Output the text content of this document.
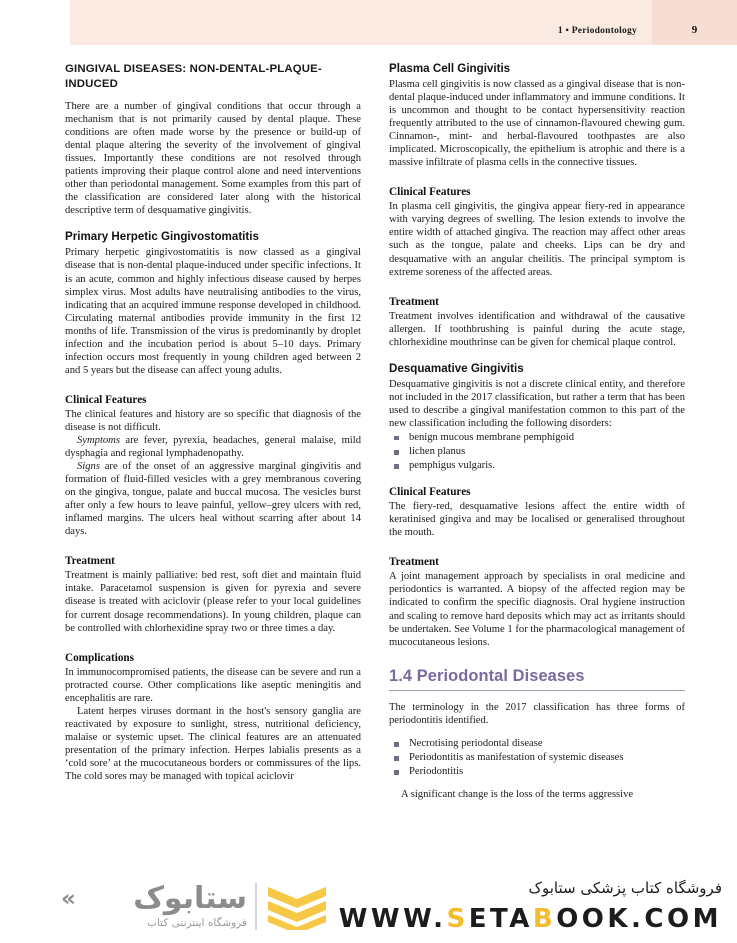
1 • Periodontology	9
GINGIVAL DISEASES: NON-DENTAL-PLAQUE-INDUCED

There are a number of gingival conditions that occur through a mechanism that is not primarily caused by dental plaque. These conditions are often made worse by the presence or build-up of dental plaque altering the severity of the involvement of gingival tissues. Importantly these conditions are not resolved through patients improving their plaque control alone and need interventions other than periodontal management. Some examples from this part of the classification are considered later along with the historical descriptive term of desquamative gingivitis.

Primary Herpetic Gingivostomatitis

Primary herpetic gingivostomatitis is now classed as a gingival disease that is non-dental plaque-induced under specific infections. It is an acute, common and highly infectious disease caused by herpes simplex virus. Most adults have neutralising antibodies to the virus, indicating that an acquired immune response developed in childhood. Circulating maternal antibodies provide immunity in the first 12 months of life. Transmission of the virus is predominantly by droplet infection and the incubation period is about 5–10 days. Primary infection occurs most frequently in young children aged between 2 and 5 years but the disease can affect young adults.

Clinical Features

The clinical features and history are so specific that diagnosis of the disease is not difficult.

Symptoms are fever, pyrexia, headaches, general malaise, mild dysphagia and regional lymphadenopathy.

Signs are of the onset of an aggressive marginal gingivitis and formation of fluid-filled vesicles with a grey membranous covering on the gingiva, tongue, palate and buccal mucosa. The vesicles burst after only a few hours to leave painful, yellow–grey ulcers with red, inflamed margins. The ulcers heal without scarring after about 14 days.

Treatment

Treatment is mainly palliative: bed rest, soft diet and maintain fluid intake. Paracetamol suspension is given for pyrexia and severe disease is treated with aciclovir (please refer to your local guidelines for current dosage recommendations). In young children, plaque can be controlled with chlorhexidine spray two or three times a day.

Complications

In immunocompromised patients, the disease can be severe and run a protracted course. Other complications like aseptic meningitis and encephalitis are rare.

Latent herpes viruses dormant in the host's sensory ganglia are reactivated by exposure to sunlight, stress, nutritional deficiency, malaise or systemic upset. The clinical features are an attenuated presentation of the primary infection. Herpes labialis presents as a ‘cold sore’ at the mucocutaneous borders or commissures of the lips. The cold sores may be managed with topical aciclovir

Plasma Cell Gingivitis

Plasma cell gingivitis is now classed as a gingival disease that is non-dental plaque-induced under inflammatory and immune conditions. It is uncommon and thought to be contact hypersensitivity reaction frequently attributed to the use of cinnamon-flavoured chewing gum. Cinnamon-, mint- and herbal-flavoured toothpastes are also implicated. Microscopically, the epithelium is atrophic and there is a massive infiltrate of plasma cells in the connective tissues.

Clinical Features

In plasma cell gingivitis, the gingiva appear fiery-red in appearance with varying degrees of swelling. The lesion extends to involve the entire width of attached gingiva. The reaction may affect other areas such as the tongue, palate and cheeks. Lips can be dry and desquamative with an angular cheilitis. The principal symptom is extreme soreness of the affected areas.

Treatment

Treatment involves identification and withdrawal of the causative allergen. If toothbrushing is painful during the acute stage, chlorhexidine mouthrinse can be given for chemical plaque control.

Desquamative Gingivitis

Desquamative gingivitis is not a discrete clinical entity, and therefore not included in the 2017 classification, but rather a term that has been used to describe a gingival manifestation common to this part of the new classification including the following disorders:

benign mucous membrane pemphigoid
lichen planus
pemphigus vulgaris.
Clinical Features

The fiery-red, desquamative lesions affect the entire width of keratinised gingiva and may be localised or generalised throughout the mouth.

Treatment

A joint management approach by specialists in oral medicine and periodontics is warranted. A biopsy of the affected region may be indicated to confirm the specific diagnosis. Oral hygiene instruction and scaling to remove hard deposits which may act as irritants should be undertaken. See Volume 1 for the pharmacological management of mucocutaneous lesions.

1.4 Periodontal Diseases

The terminology in the 2017 classification has three forms of periodontitis identified.

Necrotising periodontal disease
Periodontitis as manifestation of systemic diseases
Periodontitis

A significant change is the loss of the terms aggressive

«	ستابوک
فروشگاه اینترنتی کتاب
فروشگاه کتاب پزشکی ستابوک
WWW.SETABOOK.COM
